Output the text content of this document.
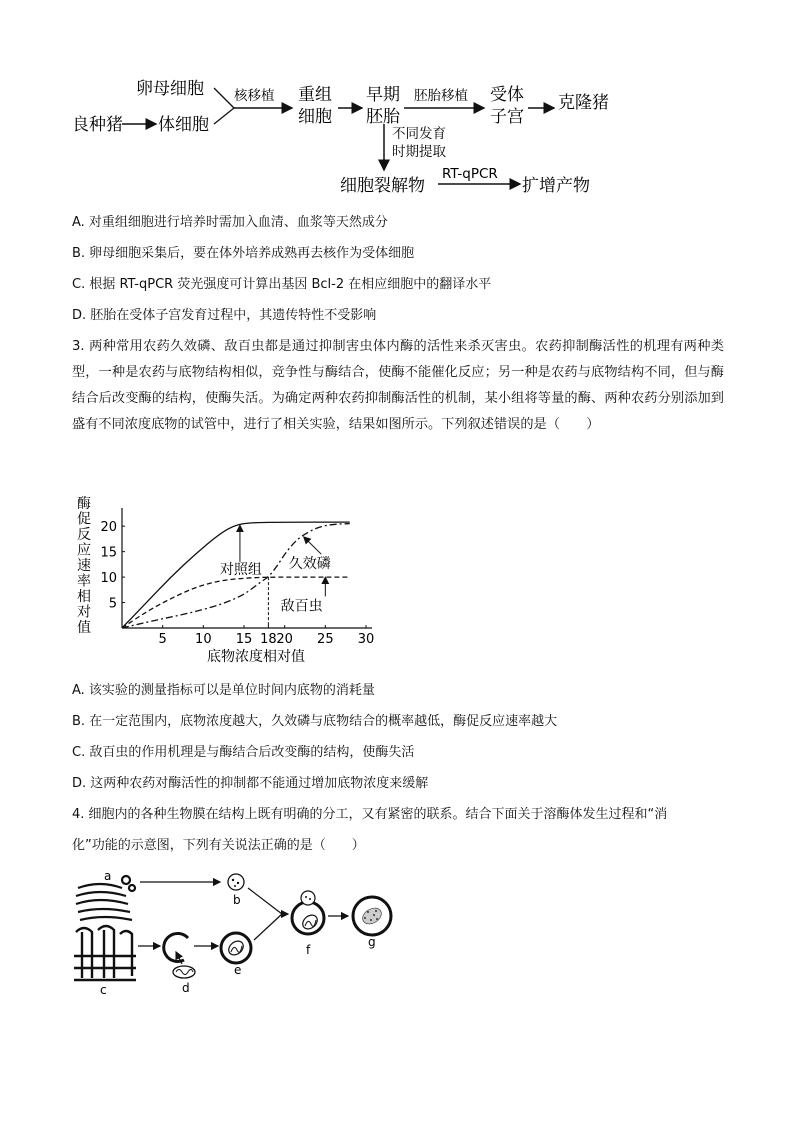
卵母细胞
良种猪 体细胞
核移植 重组
细胞
早期
胚胎
胚胎移植 受体
子宫
克隆猪
不同发育
时期提取
细胞裂解物
RT-qPCR
扩增产物
A. 对重组细胞进行培养时需加入血清、血浆等天然成分
B. 卵母细胞采集后，要在体外培养成熟再去核作为受体细胞
C. 根据 RT-qPCR 荧光强度可计算出基因 Bcl-2 在相应细胞中的翻译水平
D. 胚胎在受体子宫发育过程中，其遗传特性不受影响
3. 两种常用农药久效磷、敌百虫都是通过抑制害虫体内酶的活性来杀灭害虫。农药抑制酶活性的机理有两种类型，一种是农药与底物结构相似，竞争性与酶结合，使酶不能催化反应；另一种是农药与底物结构不同，但与酶结合后改变酶的结构，使酶失活。为确定两种农药抑制酶活性的机制，某小组将等量的酶、两种农药分别添加到盛有不同浓度底物的试管中，进行了相关实验，结果如图所示。下列叙述错误的是（　　）
5 10 15 18 20 25 30
5
10
15
20
底物浓度相对值
酶
促
反
应
速
率
相
对
值
对照组 久效磷
敌百虫
A. 该实验的测量指标可以是单位时间内底物的消耗量
B. 在一定范围内，底物浓度越大，久效磷与底物结合的概率越低，酶促反应速率越大
C. 敌百虫的作用机理是与酶结合后改变酶的结构，使酶失活
D. 这两种农药对酶活性的抑制都不能通过增加底物浓度来缓解
4. 细胞内的各种生物膜在结构上既有明确的分工，又有紧密的联系。结合下面关于溶酶体发生过程和“消
化”功能的示意图，下列有关说法正确的是（　　）
a
b
c	d
e
f
g
